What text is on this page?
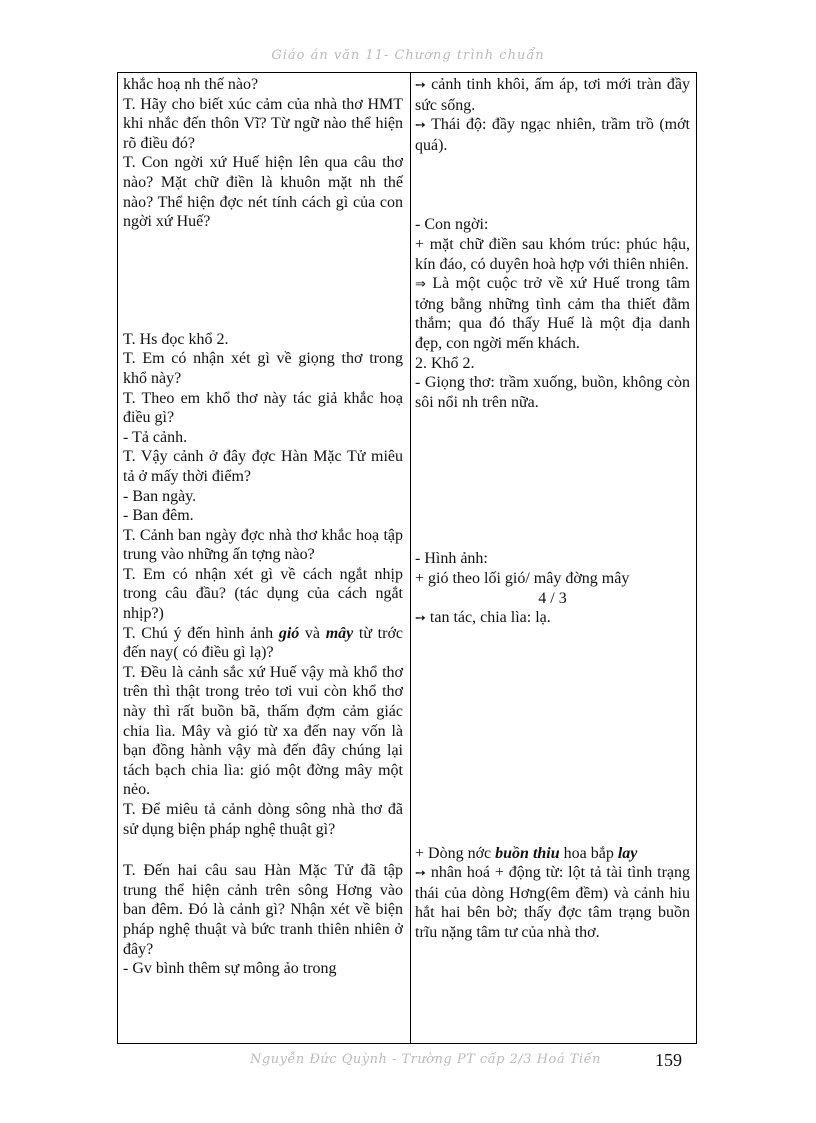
Giáo án văn 11- Chương trình chuẩn

khắc hoạ nh thế nào?

T. Hãy cho biết xúc cảm của nhà thơ HMT khi nhắc đến thôn Vĩ? Từ ngữ nào thể hiện rõ điều đó?

T. Con ngời xứ Huế hiện lên qua câu thơ nào? Mặt chữ điền là khuôn mặt nh thế nào? Thể hiện đợc nét tính cách gì của con ngời xứ Huế?

T. Hs đọc khổ 2.

T. Em có nhận xét gì về giọng thơ trong khổ này?

T. Theo em khổ thơ này tác giả khắc hoạ điều gì?

- Tả cảnh.

T. Vậy cảnh ở đây đợc Hàn Mặc Tử miêu tả ở mấy thời điểm?

- Ban ngày.

- Ban đêm.

T. Cảnh ban ngày đợc nhà thơ khắc hoạ tập trung vào những ấn tợng nào?

T. Em có nhận xét gì về cách ngắt nhịp trong câu đầu? (tác dụng của cách ngắt nhịp?)

T. Chú ý đến hình ảnh gió và mây từ trớc đến nay( có điều gì lạ)?

T. Đều là cảnh sắc xứ Huế vậy mà khổ thơ trên thì thật trong trẻo tơi vui còn khổ thơ này thì rất buồn bã, thấm đợm cảm giác chia lìa. Mây và gió từ xa đến nay vốn là bạn đồng hành vậy mà đến đây chúng lại tách bạch chia lìa: gió một đờng mây một nẻo.

T. Để miêu tả cảnh dòng sông nhà thơ đã sử dụng biện pháp nghệ thuật gì?

T. Đến hai câu sau Hàn Mặc Tử đã tập trung thể hiện cảnh trên sông Hơng vào ban đêm. Đó là cảnh gì? Nhận xét về biện pháp nghệ thuật và bức tranh thiên nhiên ở đây?

- Gv bình thêm sự mông ảo trong

➙ cảnh tinh khôi, ấm áp, tơi mới tràn đầy sức sống.

➙ Thái độ: đầy ngạc nhiên, trầm trồ (mớt quá).

- Con ngời:

+ mặt chữ điền sau khóm trúc: phúc hậu, kín đáo, có duyên hoà hợp với thiên nhiên.

⇒ Là một cuộc trở về xứ Huế trong tâm tởng bằng những tình cảm tha thiết đằm thắm; qua đó thấy Huế là một địa danh đẹp, con ngời mến khách.

2. Khổ 2.

- Giọng thơ: trầm xuống, buồn, không còn sôi nổi nh trên nữa.

- Hình ảnh:

+ gió theo lối gió/ mây đờng mây

4 / 3

➙ tan tác, chia lìa: lạ.

+ Dòng nớc buồn thiu hoa bắp lay

➙ nhân hoá + động từ: lột tả tài tình trạng thái của dòng Hơng(êm đềm) và cảnh hiu hắt hai bên bờ; thấy đợc tâm trạng buồn trĩu nặng tâm tư của nhà thơ.

Nguyễn Đức Quỳnh - Trường PT cấp 2/3 Hoá Tiến	159
